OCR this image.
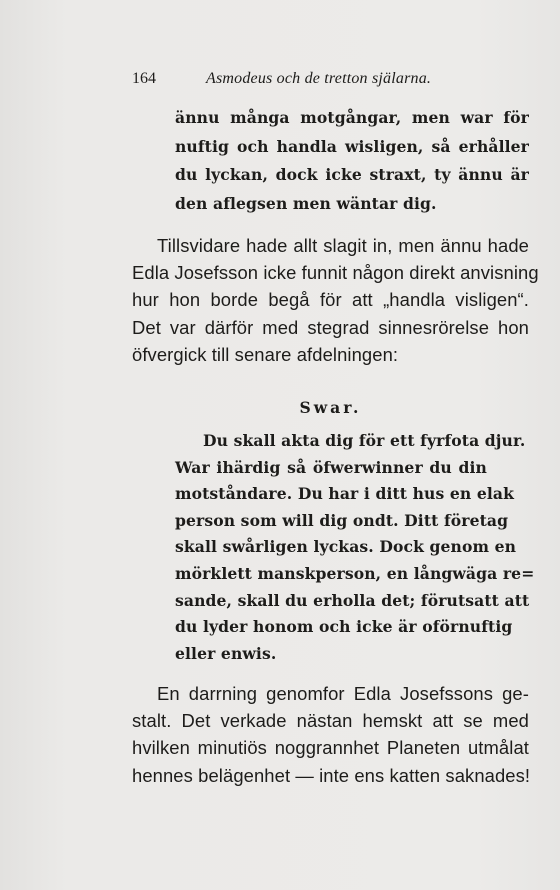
164	Asmodeus och de tretton själarna.
ännu många motgångar, men war för
nuftig och handla wisligen, så erhåller
du lyckan, dock icke straxt, ty ännu är
den aflegsen men wäntar dig.
Tillsvidare hade allt slagit in, men ännu hade
Edla Josefsson icke funnit någon direkt anvisning
hur hon borde begå för att „handla visligen“.
Det var därför med stegrad sinnesrörelse hon
öfvergick till senare afdelningen:
Swar.
Du skall akta dig för ett fyrfota djur.
War ihärdig så öfwerwinner du din
motståndare. Du har i ditt hus en elak
person som will dig ondt. Ditt företag
skall swårligen lyckas. Dock genom en
mörklett manskperson, en långwäga re=
sande, skall du erholla det; förutsatt att
du lyder honom och icke är oförnuftig
eller enwis.
En darrning genomfor Edla Josefssons ge-
stalt. Det verkade nästan hemskt att se med
hvilken minutiös noggrannhet Planeten utmålat
hennes belägenhet — inte ens katten saknades!
